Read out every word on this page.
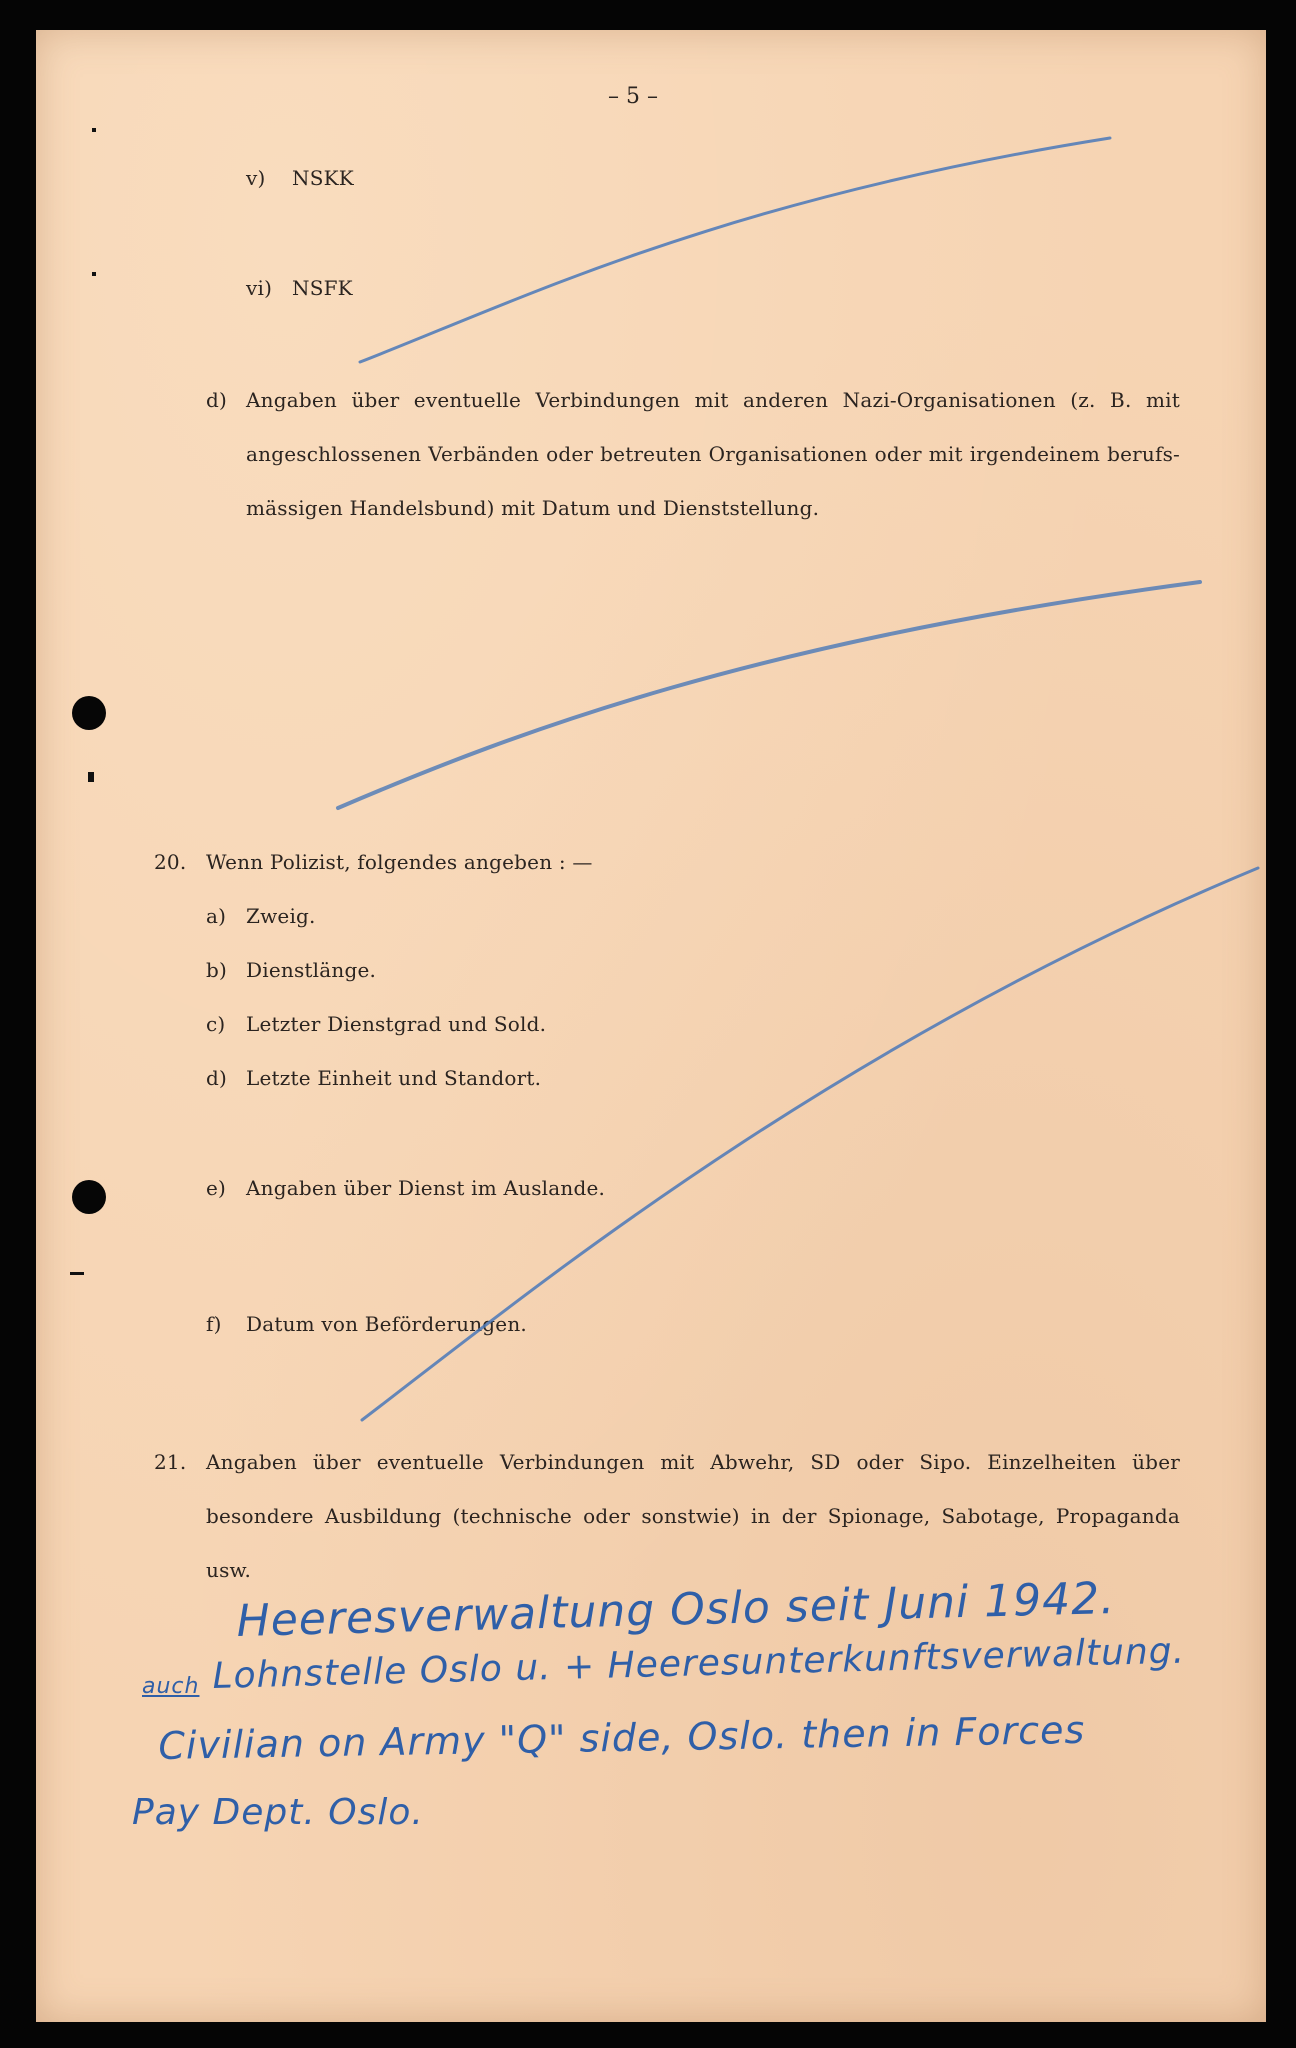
– 5 –
v) NSKK
vi) NSFK
d) Angaben über eventuelle Verbindungen mit anderen Nazi-Organisationen (z. B. mit
angeschlossenen Verbänden oder betreuten Organisationen oder mit irgendeinem berufs-
mässigen Handelsbund) mit Datum und Dienststellung.
20. Wenn Polizist, folgendes angeben : —
a) Zweig.
b) Dienstlänge.
c) Letzter Dienstgrad und Sold.
d) Letzte Einheit und Standort.
e) Angaben über Dienst im Auslande.
f) Datum von Beförderungen.
21. Angaben über eventuelle Verbindungen mit Abwehr, SD oder Sipo. Einzelheiten über
besondere Ausbildung (technische oder sonstwie) in der Spionage, Sabotage, Propaganda
usw.
Heeresverwaltung Oslo seit Juni 1942.
auch Lohnstelle Oslo u. + Heeresunterkunftsverwaltung.
Civilian on Army "Q" side, Oslo. then in Forces
Pay Dept. Oslo.
